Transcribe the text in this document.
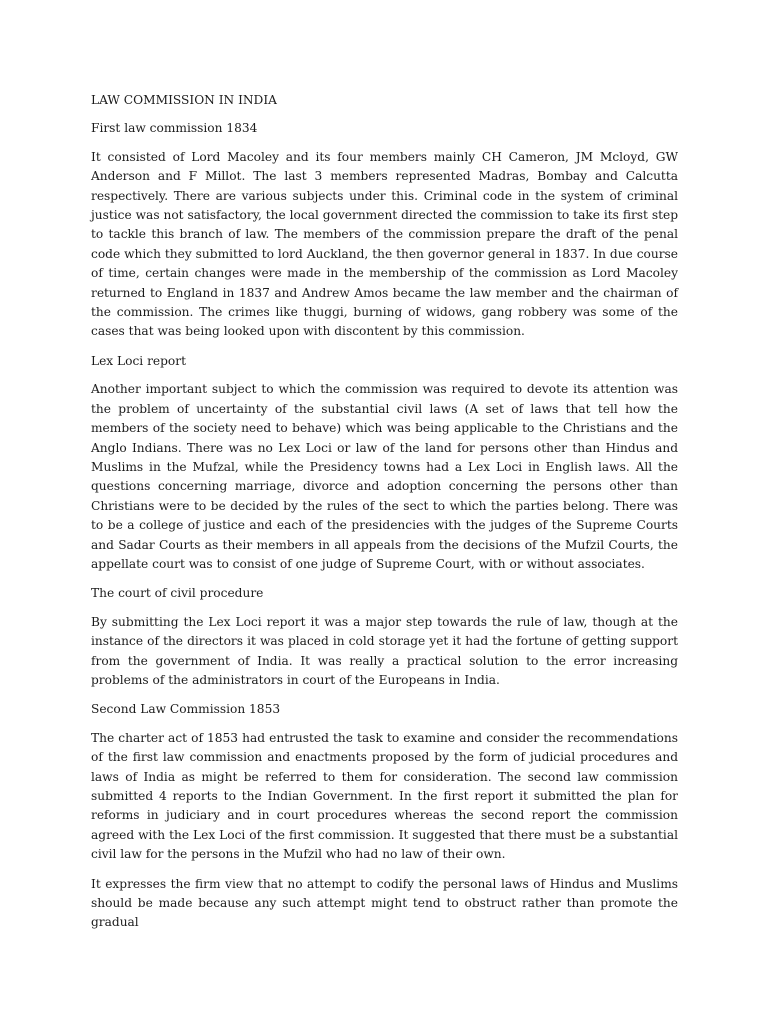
LAW COMMISSION IN INDIA

First law commission 1834

It consisted of Lord Macoley and its four members mainly CH Cameron, JM Mcloyd, GW Anderson and F Millot. The last 3 members represented Madras, Bombay and Calcutta respectively. There are various subjects under this. Criminal code in the system of criminal justice was not satisfactory, the local government directed the commission to take its first step to tackle this branch of law. The members of the commission prepare the draft of the penal code which they submitted to lord Auckland, the then governor general in 1837. In due course of time, certain changes were made in the membership of the commission as Lord Macoley returned to England in 1837 and Andrew Amos became the law member and the chairman of the commission. The crimes like thuggi, burning of widows, gang robbery was some of the cases that was being looked upon with discontent by this commission.

Lex Loci report

Another important subject to which the commission was required to devote its attention was the problem of uncertainty of the substantial civil laws (A set of laws that tell how the members of the society need to behave) which was being applicable to the Christians and the Anglo Indians. There was no Lex Loci or law of the land for persons other than Hindus and Muslims in the Mufzal, while the Presidency towns had a Lex Loci in English laws. All the questions concerning marriage, divorce and adoption concerning the persons other than Christians were to be decided by the rules of the sect to which the parties belong. There was to be a college of justice and each of the presidencies with the judges of the Supreme Courts and Sadar Courts as their members in all appeals from the decisions of the Mufzil Courts, the appellate court was to consist of one judge of Supreme Court, with or without associates.

The court of civil procedure

By submitting the Lex Loci report it was a major step towards the rule of law, though at the instance of the directors it was placed in cold storage yet it had the fortune of getting support from the government of India. It was really a practical solution to the error increasing problems of the administrators in court of the Europeans in India.

Second Law Commission 1853

The charter act of 1853 had entrusted the task to examine and consider the recommendations of the first law commission and enactments proposed by the form of judicial procedures and laws of India as might be referred to them for consideration. The second law commission submitted 4 reports to the Indian Government. In the first report it submitted the plan for reforms in judiciary and in court procedures whereas the second report the commission agreed with the Lex Loci of the first commission. It suggested that there must be a substantial civil law for the persons in the Mufzil who had no law of their own.

It expresses the firm view that no attempt to codify the personal laws of Hindus and Muslims should be made because any such attempt might tend to obstruct rather than promote the gradual
